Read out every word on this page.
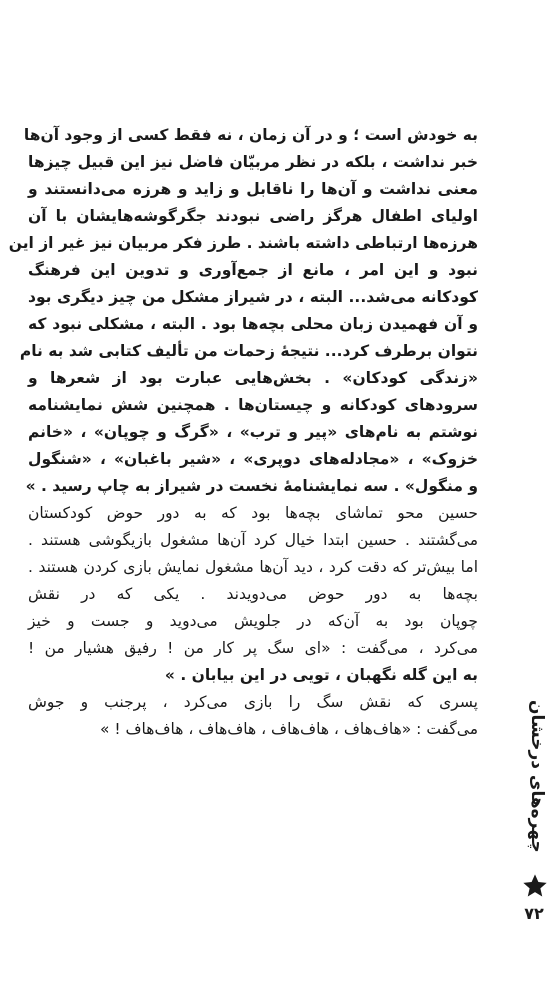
به خودش است ؛ و در آن زمان ، نه فقط کسی از وجود آن‌ها
خبر نداشت ، بلکه در نظر مربیّان فاضل نیز این قبیل چیزها
معنی نداشت و آن‌ها را ناقابل و زاید و هرزه می‌دانستند و
اولیای اطفال هرگز راضی نبودند جگرگوشه‌هایشان با آن
هرزه‌ها ارتباطی داشته باشند . طرز فکر مربیان نیز غیر از این
نبود و این امر ، مانع از جمع‌آوری و تدوین این فرهنگ
کودکانه می‌شد... البته ، در شیراز مشکل من چیز دیگری بود
و آن فهمیدن زبان محلی بچه‌ها بود . البته ، مشکلی نبود که
نتوان برطرف کرد... نتیجهٔ زحمات من تألیف کتابی شد به نام
«زندگی کودکان» . بخش‌هایی عبارت بود از شعرها و
سرودهای کودکانه و چیستان‌ها . همچنین شش نمایشنامه
نوشتم به نام‌های «پیر و ترب» ، «گرگ و چوپان» ، «خانم
خزوک» ، «مجادله‌های دوپری» ، «شیر باغبان» ، «شنگول
و منگول» . سه نمایشنامهٔ نخست در شیراز به چاپ رسید . »
حسین محو تماشای بچه‌ها بود که به دور حوض کودکستان
می‌گشتند . حسین ابتدا خیال کرد آن‌ها مشغول بازیگوشی هستند .
اما بیش‌تر که دقت کرد ، دید آن‌ها مشغول نمایش بازی کردن هستند .
بچه‌ها به دور حوض می‌دویدند . یکی که در نقش
چوپان بود به آن‌که در جلویش می‌دوید و جست و خیز
می‌کرد ، می‌گفت : «ای سگ پر کار من ! رفیق هشیار من !
به این گله نگهبان ، تویی در این بیابان . »
پسری که نقش سگ را بازی می‌کرد ، پرجنب و جوش
می‌گفت : «هاف‌هاف ، هاف‌هاف ، هاف‌هاف ، هاف‌هاف ! »	چهره‌های درخشان
۷۲
